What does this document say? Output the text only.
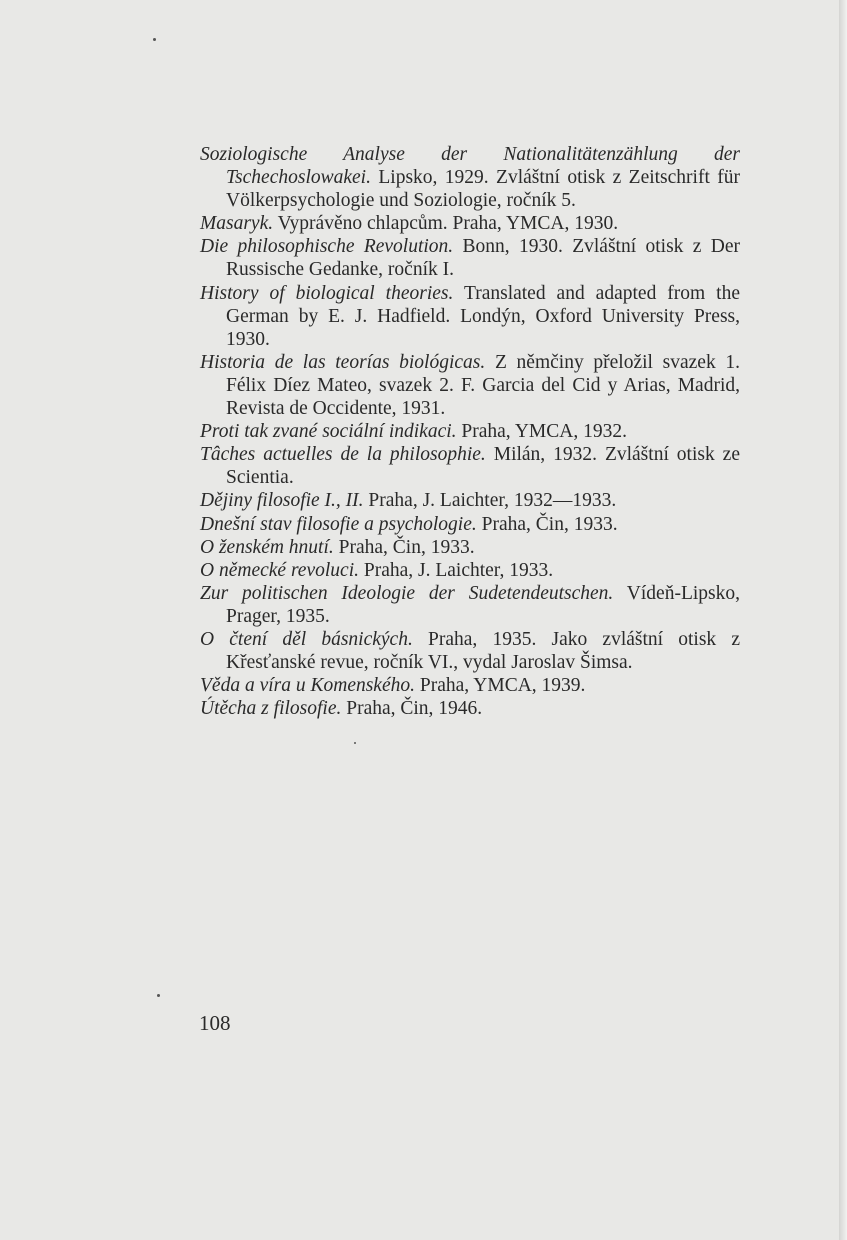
Soziologische Analyse der Nationalitätenzählung der Tschechoslowakei. Lipsko, 1929. Zvláštní otisk z Zeitschrift für Völkerpsychologie und Soziologie, ročník 5.

Masaryk. Vyprávěno chlapcům. Praha, YMCA, 1930.

Die philosophische Revolution. Bonn, 1930. Zvláštní otisk z Der Russische Gedanke, ročník I.

History of biological theories. Translated and adapted from the German by E. J. Hadfield. Londýn, Oxford University Press, 1930.

Historia de las teorías biológicas. Z němčiny přeložil svazek 1. Félix Díez Mateo, svazek 2. F. Garcia del Cid y Arias, Madrid, Revista de Occidente, 1931.

Proti tak zvané sociální indikaci. Praha, YMCA, 1932.

Tâches actuelles de la philosophie. Milán, 1932. Zvláštní otisk ze Scientia.

Dějiny filosofie I., II. Praha, J. Laichter, 1932—1933.

Dnešní stav filosofie a psychologie. Praha, Čin, 1933.

O ženském hnutí. Praha, Čin, 1933.

O německé revoluci. Praha, J. Laichter, 1933.

Zur politischen Ideologie der Sudetendeutschen. Vídeň-Lipsko, Prager, 1935.

O čtení děl básnických. Praha, 1935. Jako zvláštní otisk z Křesťanské revue, ročník VI., vydal Jaroslav Šimsa.

Věda a víra u Komenského. Praha, YMCA, 1939.

Útěcha z filosofie. Praha, Čin, 1946.

108
